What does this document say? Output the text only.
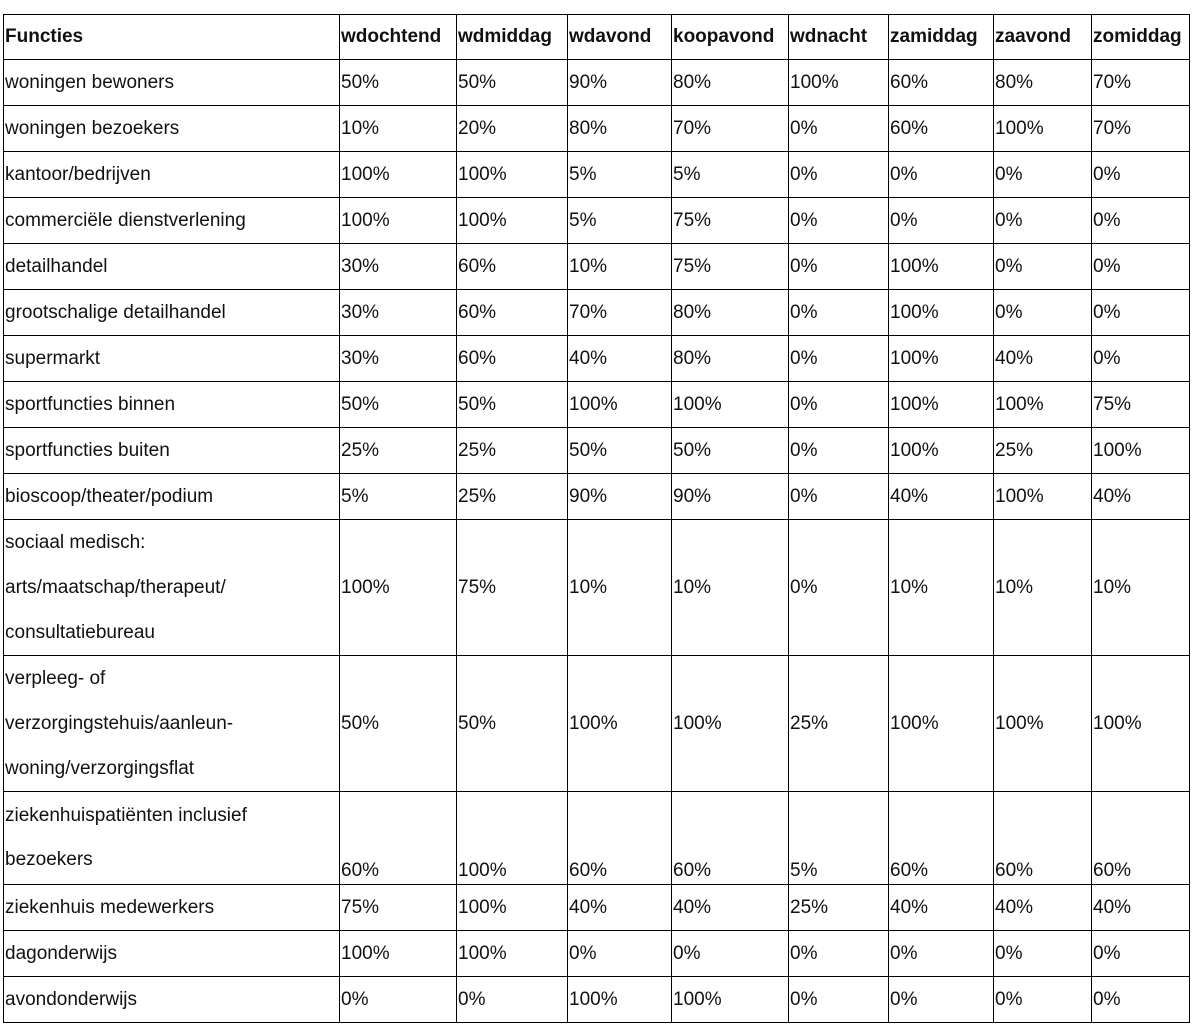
Functies	wdochtend	wdmiddag	wdavond	koopavond	wdnacht	zamiddag	zaavond	zomiddag

woningen bewoners	50%	50%	90%	80%	100%	60%	80%	70%

woningen bezoekers	10%	20%	80%	70%	0%	60%	100%	70%

kantoor/bedrijven	100%	100%	5%	5%	0%	0%	0%	0%

commerciële dienstverlening	100%	100%	5%	75%	0%	0%	0%	0%

detailhandel	30%	60%	10%	75%	0%	100%	0%	0%

grootschalige detailhandel	30%	60%	70%	80%	0%	100%	0%	0%

supermarkt	30%	60%	40%	80%	0%	100%	40%	0%

sportfuncties binnen	50%	50%	100%	100%	0%	100%	100%	75%

sportfuncties buiten	25%	25%	50%	50%	0%	100%	25%	100%

bioscoop/theater/podium	5%	25%	90%	90%	0%	40%	100%	40%

sociaal medisch:
arts/maatschap/therapeut/
consultatiebureau	100%	75%	10%	10%	0%	10%	10%	10%

verpleeg- of
verzorgingstehuis/aanleun-
woning/verzorgingsflat	50%	50%	100%	100%	25%	100%	100%	100%

ziekenhuispatiënten inclusief
bezoekers	60%	100%	60%	60%	5%	60%	60%	60%

ziekenhuis medewerkers	75%	100%	40%	40%	25%	40%	40%	40%

dagonderwijs	100%	100%	0%	0%	0%	0%	0%	0%

avondonderwijs	0%	0%	100%	100%	0%	0%	0%	0%
